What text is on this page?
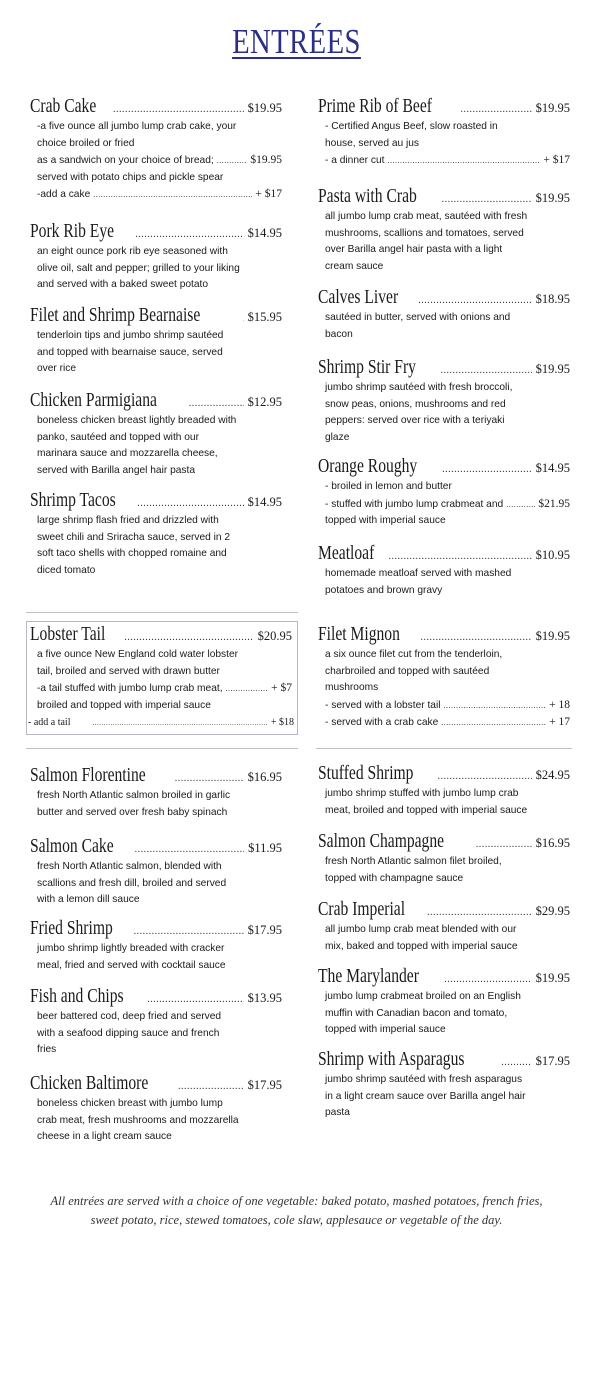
ENTRÉES
Crab Cake .....	$19.95
-a five ounce all jumbo lump crab cake, your
choice broiled or fried
as a sandwich on your choice of bread; .....	$19.95
served with potato chips and pickle spear
-add a cake .....	+ $17
Pork Rib Eye .....	$14.95
an eight ounce pork rib eye seasoned with
olive oil, salt and pepper; grilled to your liking
and served with a baked sweet potato
Filet and Shrimp Bearnaise .....	$15.95
tenderloin tips and jumbo shrimp sautéed
and topped with bearnaise sauce, served
over rice
Chicken Parmigiana .....	$12.95
boneless chicken breast lightly breaded with
panko, sautéed and topped with our
marinara sauce and mozzarella cheese,
served with Barilla angel hair pasta
Shrimp Tacos .....	$14.95
large shrimp flash fried and drizzled with
sweet chili and Sriracha sauce, served in 2
soft taco shells with chopped romaine and
diced tomato
Prime Rib of Beef .....	$19.95
- Certified Angus Beef, slow roasted in
house, served au jus
- a dinner cut .....	+ $17
Pasta with Crab .....	$19.95
all jumbo lump crab meat, sautéed with fresh
mushrooms, scallions and tomatoes, served
over Barilla angel hair pasta with a light
cream sauce
Calves Liver .....	$18.95
sautéed in butter, served with onions and
bacon
Shrimp Stir Fry .....	$19.95
jumbo shrimp sautéed with fresh broccoli,
snow peas, onions, mushrooms and red
peppers: served over rice with a teriyaki
glaze
Orange Roughy .....	$14.95
- broiled in lemon and butter
- stuffed with jumbo lump crabmeat and .....	$21.95
topped with imperial sauce
Meatloaf .....	$10.95
homemade meatloaf served with mashed
potatoes and brown gravy
Salmon Florentine .....	$16.95
fresh North Atlantic salmon broiled in garlic
butter and served over fresh baby spinach
Salmon Cake .....	$11.95
fresh North Atlantic salmon, blended with
scallions and fresh dill, broiled and served
with a lemon dill sauce
Fried Shrimp .....	$17.95
jumbo shrimp lightly breaded with cracker
meal, fried and served with cocktail sauce
Fish and Chips .....	$13.95
beer battered cod, deep fried and served
with a seafood dipping sauce and french
fries
Chicken Baltimore .....	$17.95
boneless chicken breast with jumbo lump
crab meat, fresh mushrooms and mozzarella
cheese in a light cream sauce
Stuffed Shrimp .....	$24.95
jumbo shrimp stuffed with jumbo lump crab
meat, broiled and topped with imperial sauce
Salmon Champagne .....	$16.95
fresh North Atlantic salmon filet broiled,
topped with champagne sauce
Crab Imperial .....	$29.95
all jumbo lump crab meat blended with our
mix, baked and topped with imperial sauce
The Marylander .....	$19.95
jumbo lump crabmeat broiled on an English
muffin with Canadian bacon and tomato,
topped with imperial sauce
Shrimp with Asparagus .....	$17.95
jumbo shrimp sautéed with fresh asparagus
in a light cream sauce over Barilla angel hair
pasta
Lobster Tail .....	$20.95
a five ounce New England cold water lobster
tail, broiled and served with drawn butter
-a tail stuffed with jumbo lump crab meat, .....	+ $7
broiled and topped with imperial sauce
- add a tail .....	+ $18
Filet Mignon .....	$19.95
a six ounce filet cut from the tenderloin,
charbroiled and topped with sautéed
mushrooms
- served with a lobster tail .....	+ 18
- served with a crab cake .....	+ 17
All entrées are served with a choice of one vegetable: baked potato, mashed potatoes, french fries,
sweet potato, rice, stewed tomatoes, cole slaw, applesauce or vegetable of the day.
